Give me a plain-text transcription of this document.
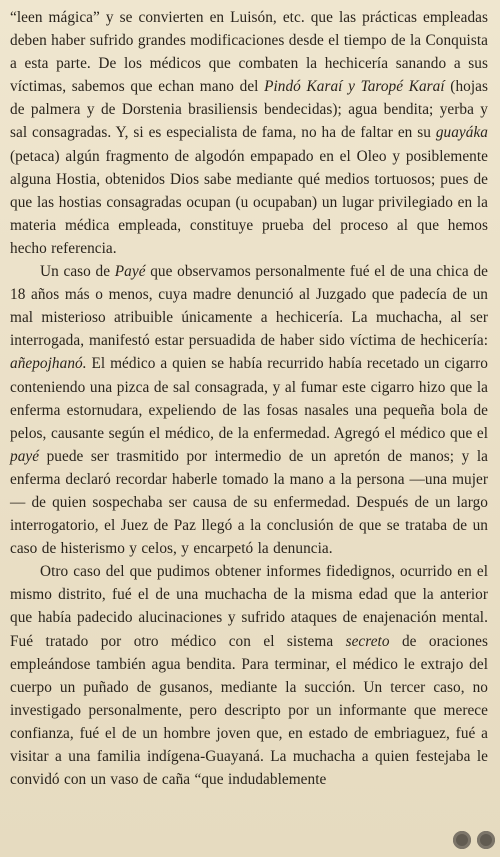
“leen mágica” y se convierten en Luisón, etc. que las prácticas empleadas deben haber sufrido grandes modificaciones desde el tiempo de la Conquista a esta parte. De los médicos que combaten la hechicería sanando a sus víctimas, sabemos que echan mano del Pindó Karaí y Taropé Karaí (hojas de palmera y de Dorstenia brasiliensis bendecidas); agua bendita; yerba y sal consagradas. Y, si es especialista de fama, no ha de faltar en su guayáka (petaca) algún fragmento de algodón empapado en el Oleo y posiblemente alguna Hostia, obtenidos Dios sabe mediante qué medios tortuosos; pues de que las hostias consagradas ocupan (u ocupaban) un lugar privilegiado en la materia médica empleada, constituye prueba del proceso al que hemos hecho referencia.

Un caso de Payé que observamos personalmente fué el de una chica de 18 años más o menos, cuya madre denunció al Juzgado que padecía de un mal misterioso atribuible únicamente a hechicería. La muchacha, al ser interrogada, manifestó estar persuadida de haber sido víctima de hechicería: añepojhanó. El médico a quien se había recurrido había recetado un cigarro conteniendo una pizca de sal consagrada, y al fumar este cigarro hizo que la enferma estornudara, expeliendo de las fosas nasales una pequeña bola de pelos, causante según el médico, de la enfermedad. Agregó el médico que el payé puede ser trasmitido por intermedio de un apretón de manos; y la enferma declaró recordar haberle tomado la mano a la persona —una mujer— de quien sospechaba ser causa de su enfermedad. Después de un largo interrogatorio, el Juez de Paz llegó a la conclusión de que se trataba de un caso de histerismo y celos, y encarpetó la denuncia.

Otro caso del que pudimos obtener informes fidedignos, ocurrido en el mismo distrito, fué el de una muchacha de la misma edad que la anterior que había padecido alucinaciones y sufrido ataques de enajenación mental. Fué tratado por otro médico con el sistema secreto de oraciones empleándose también agua bendita. Para terminar, el médico le extrajo del cuerpo un puñado de gusanos, mediante la succión. Un tercer caso, no investigado personalmente, pero descripto por un informante que merece confianza, fué el de un hombre joven que, en estado de embriaguez, fué a visitar a una familia indígena-Guayaná. La muchacha a quien festejaba le convidó con un vaso de caña “que indudablemente
